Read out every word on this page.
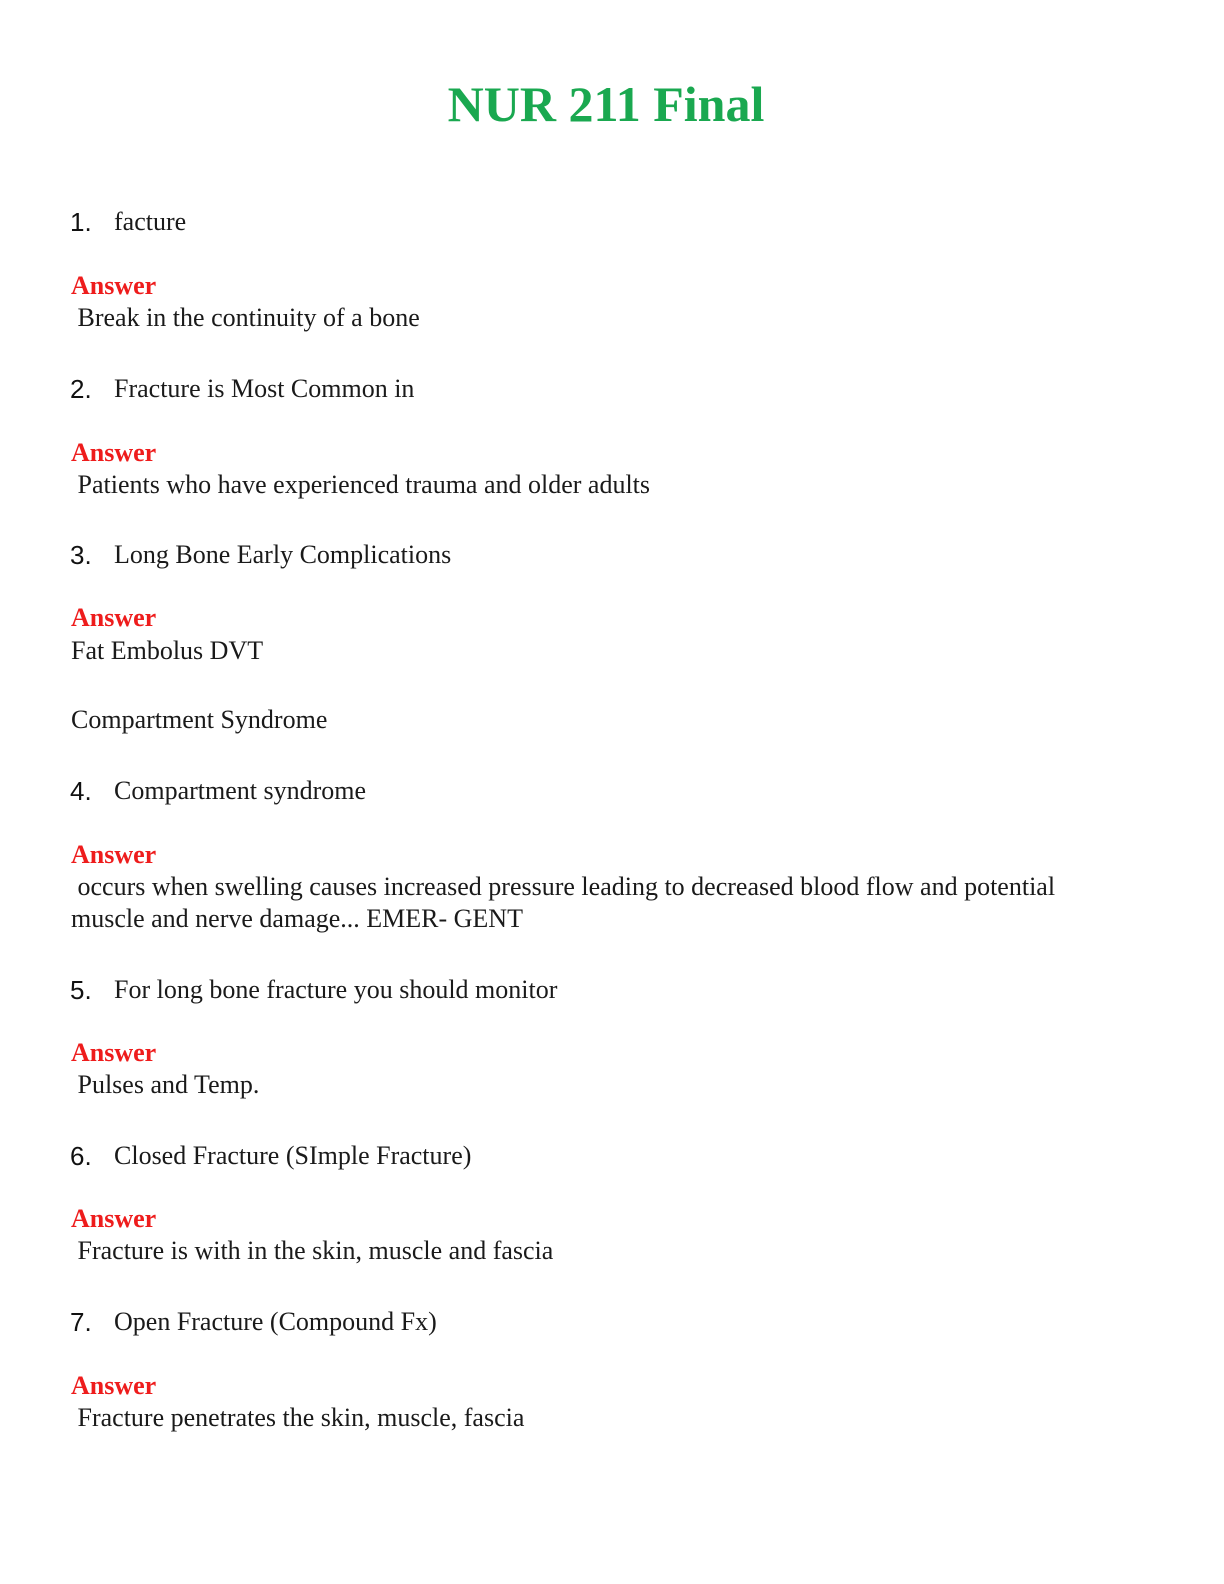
NUR 211 Final
1. facture
Answer
Break in the continuity of a bone
2. Fracture is Most Common in
Answer
Patients who have experienced trauma and older adults
3. Long Bone Early Complications
Answer
Fat Embolus DVT
Compartment Syndrome
4. Compartment syndrome
Answer
occurs when swelling causes increased pressure leading to decreased blood flow and potential
muscle and nerve damage... EMER- GENT
5. For long bone fracture you should monitor
Answer
Pulses and Temp.
6. Closed Fracture (SImple Fracture)
Answer
Fracture is with in the skin, muscle and fascia
7. Open Fracture (Compound Fx)
Answer
Fracture penetrates the skin, muscle, fascia
